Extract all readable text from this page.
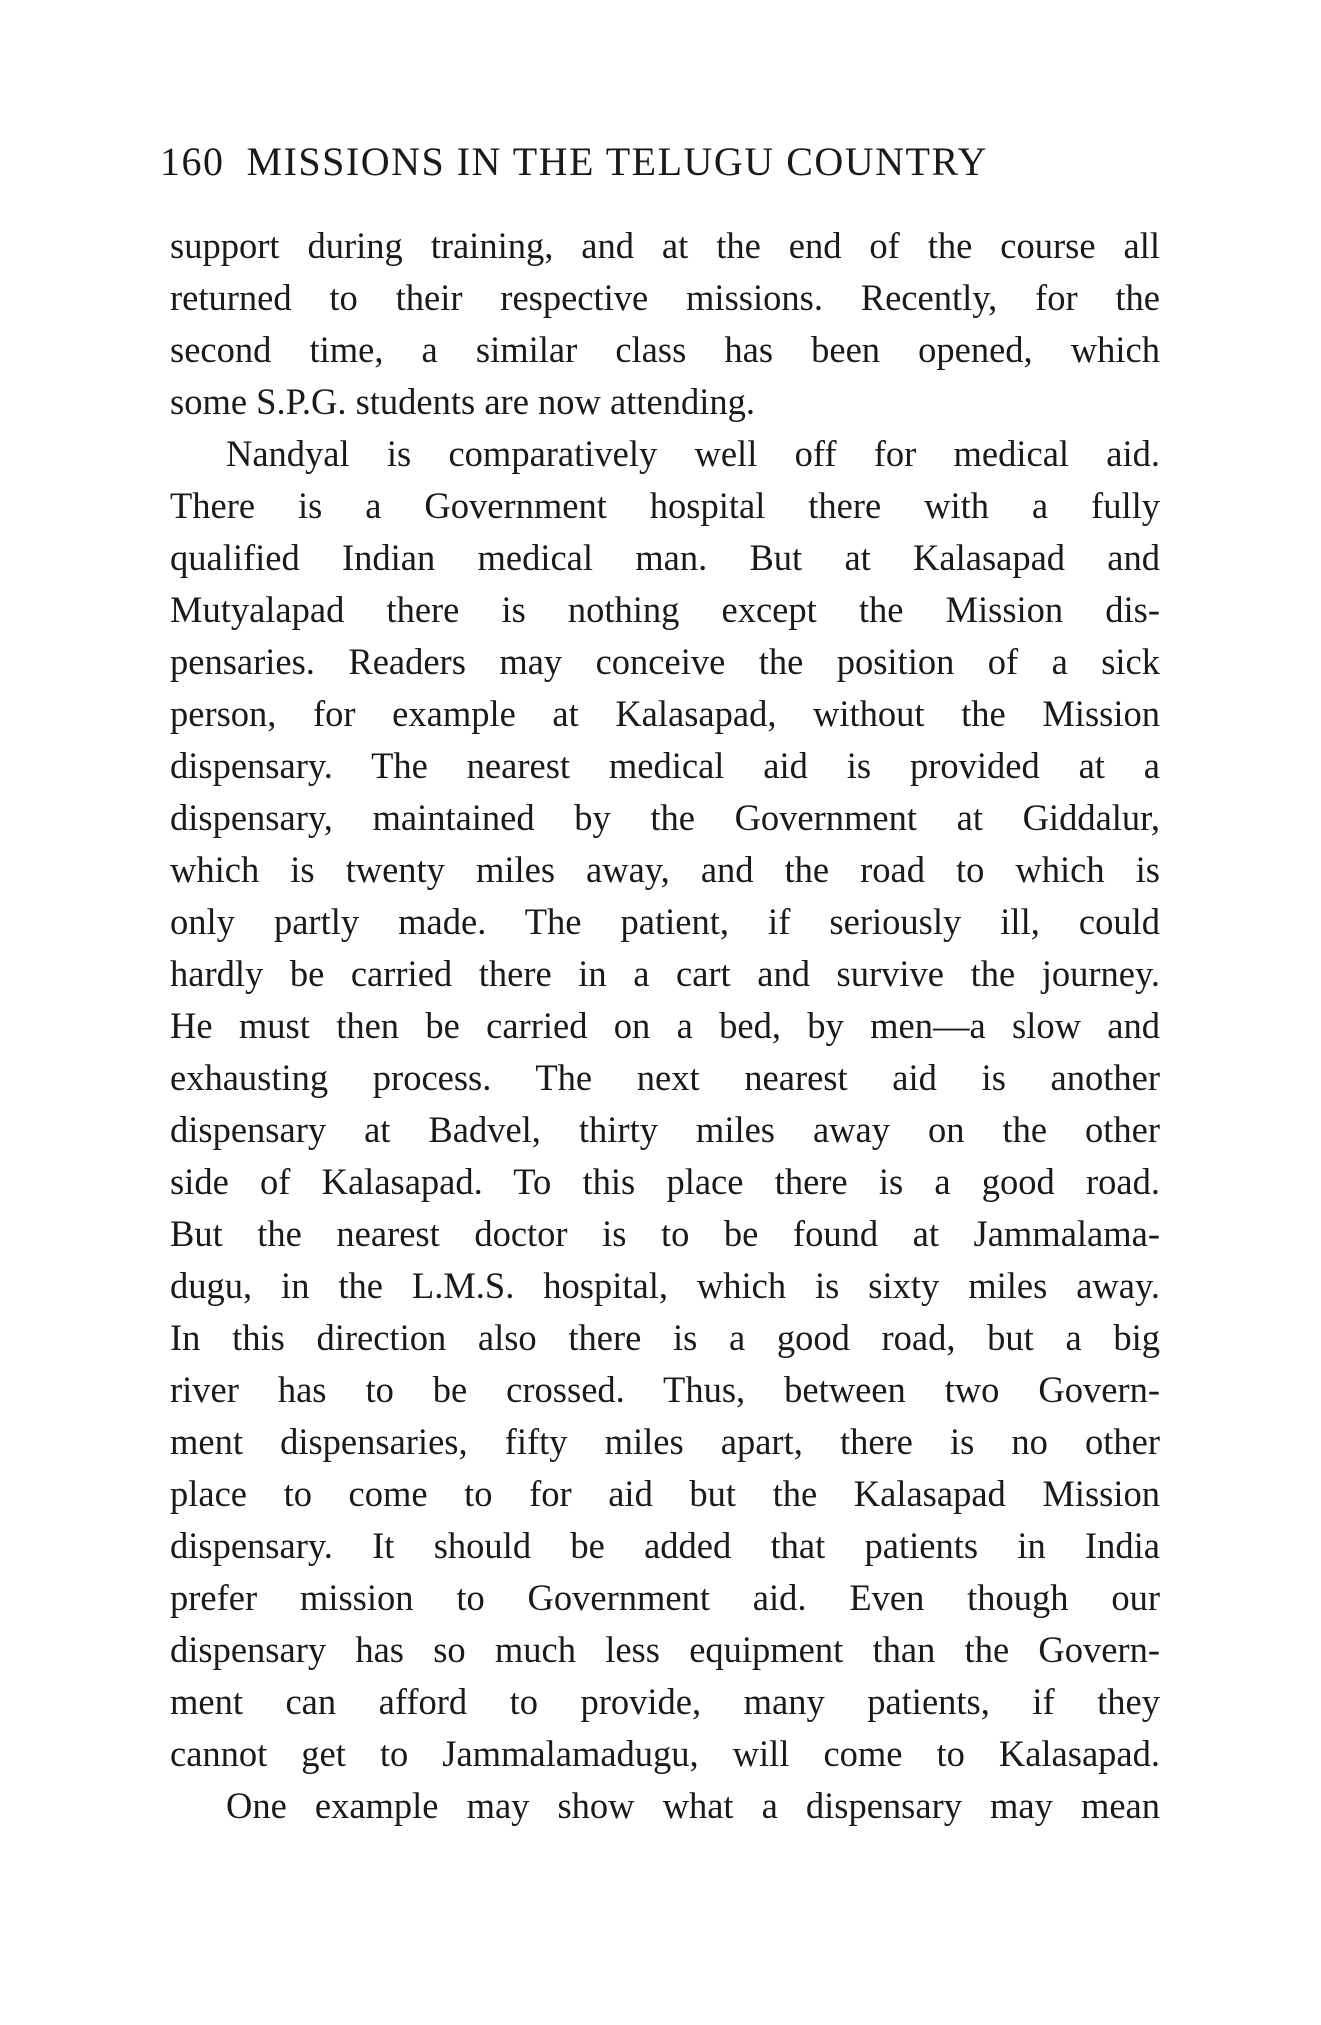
160 MISSIONS IN THE TELUGU COUNTRY
support during training, and at the end of the course all
returned to their respective missions. Recently, for the
second time, a similar class has been opened, which
some S.P.G. students are now attending.
Nandyal is comparatively well off for medical aid.
There is a Government hospital there with a fully
qualified Indian medical man. But at Kalasapad and
Mutyalapad there is nothing except the Mission dis-
pensaries. Readers may conceive the position of a sick
person, for example at Kalasapad, without the Mission
dispensary. The nearest medical aid is provided at a
dispensary, maintained by the Government at Giddalur,
which is twenty miles away, and the road to which is
only partly made. The patient, if seriously ill, could
hardly be carried there in a cart and survive the journey.
He must then be carried on a bed, by men—a slow and
exhausting process. The next nearest aid is another
dispensary at Badvel, thirty miles away on the other
side of Kalasapad. To this place there is a good road.
But the nearest doctor is to be found at Jammalama-
dugu, in the L.M.S. hospital, which is sixty miles away.
In this direction also there is a good road, but a big
river has to be crossed. Thus, between two Govern-
ment dispensaries, fifty miles apart, there is no other
place to come to for aid but the Kalasapad Mission
dispensary. It should be added that patients in India
prefer mission to Government aid. Even though our
dispensary has so much less equipment than the Govern-
ment can afford to provide, many patients, if they
cannot get to Jammalamadugu, will come to Kalasapad.
One example may show what a dispensary may mean
